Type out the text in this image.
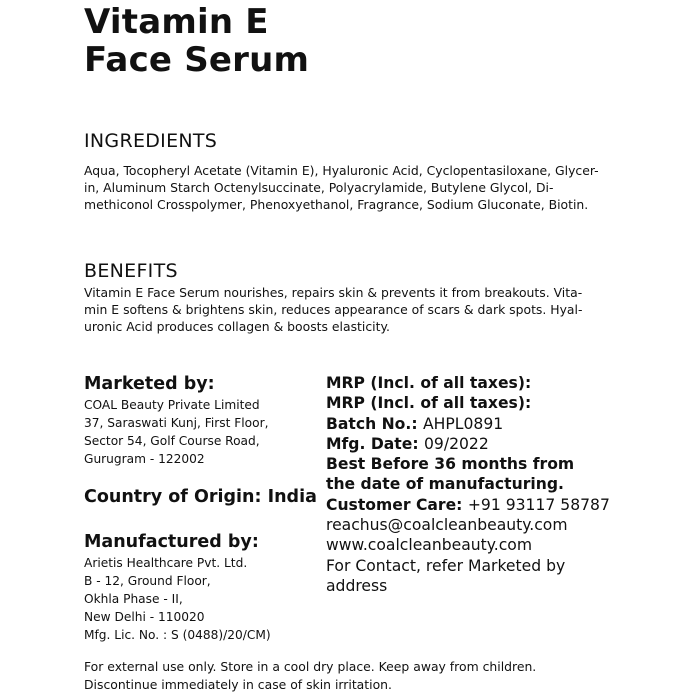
Vitamin E
Face Serum
INGREDIENTS
Aqua, Tocopheryl Acetate (Vitamin E), Hyaluronic Acid, Cyclopentasiloxane, Glycer-
in, Aluminum Starch Octenylsuccinate, Polyacrylamide, Butylene Glycol, Di-
methiconol Crosspolymer, Phenoxyethanol, Fragrance, Sodium Gluconate, Biotin.
BENEFITS
Vitamin E Face Serum nourishes, repairs skin & prevents it from breakouts. Vita-
min E softens & brightens skin, reduces appearance of scars & dark spots. Hyal-
uronic Acid produces collagen & boosts elasticity.
Marketed by:
COAL Beauty Private Limited
37, Saraswati Kunj, First Floor,
Sector 54, Golf Course Road,
Gurugram - 122002
Country of Origin: India
Manufactured by:
Arietis Healthcare Pvt. Ltd.
B - 12, Ground Floor,
Okhla Phase - II,
New Delhi - 110020
Mfg. Lic. No. : S (0488)/20/CM)
MRP (Incl. of all taxes):
MRP (Incl. of all taxes):
Batch No.: AHPL0891
Mfg. Date: 09/2022
Best Before 36 months from
the date of manufacturing.
Customer Care: +91 93117 58787
reachus@coalcleanbeauty.com
www.coalcleanbeauty.com
For Contact, refer Marketed by
address
For external use only. Store in a cool dry place. Keep away from children.
Discontinue immediately in case of skin irritation.
